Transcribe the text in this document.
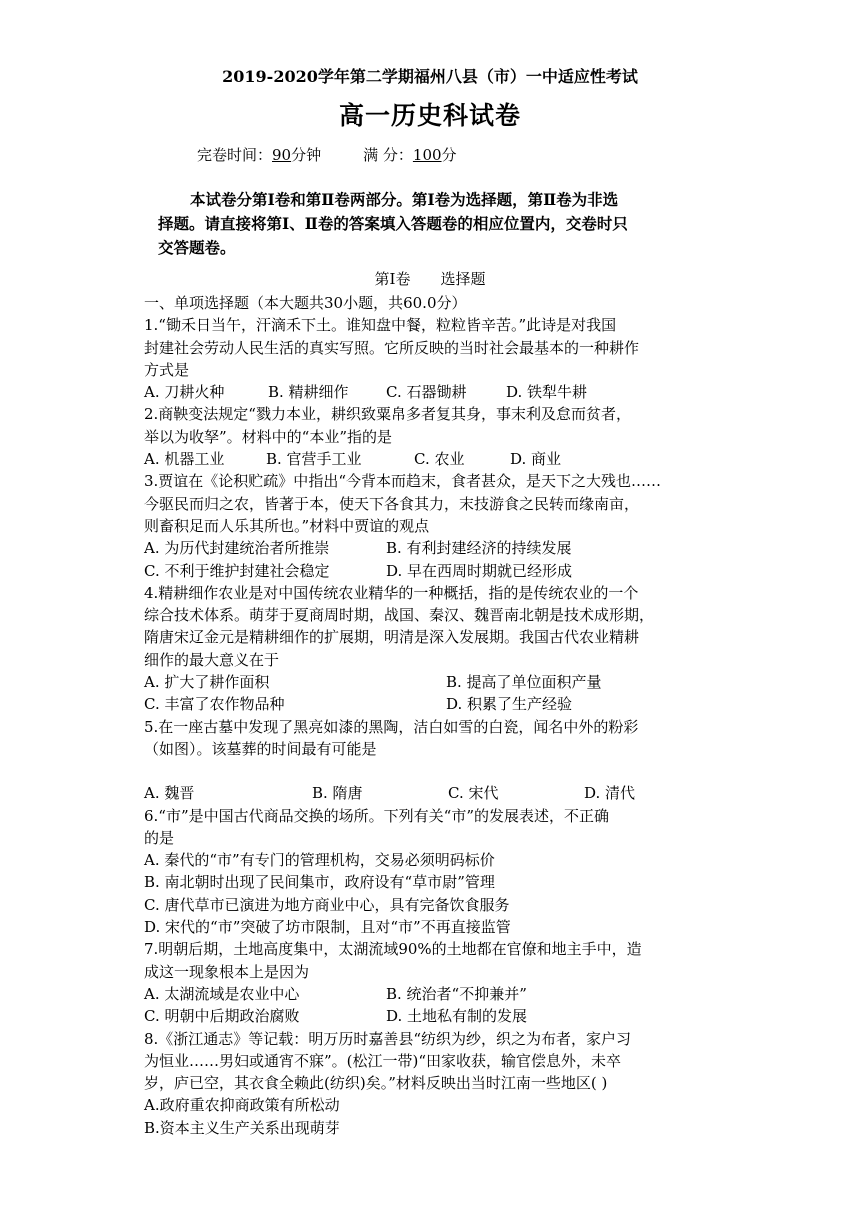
2019-2020学年第二学期福州八县（市）一中适应性考试
高一历史科试卷
完卷时间：90分钟	满 分：100分
本试卷分第Ⅰ卷和第Ⅱ卷两部分。第Ⅰ卷为选择题，第Ⅱ卷为非选
择题。请直接将第Ⅰ、Ⅱ卷的答案填入答题卷的相应位置内，交卷时只
交答题卷。
第Ⅰ卷 选择题

一、单项选择题（本大题共30小题，共60.0分）

1.“锄禾日当午，汗滴禾下土。谁知盘中餐，粒粒皆辛苦。”此诗是对我国

封建社会劳动人民生活的真实写照。它所反映的当时社会最基本的一种耕作

方式是

A. 刀耕火种	B. 精耕细作	C. 石器锄耕	D. 铁犁牛耕

2.商鞅变法规定“戮力本业，耕织致粟帛多者复其身，事末利及怠而贫者，

举以为收孥”。材料中的“本业”指的是

A. 机器工业	B. 官营手工业	C. 农业	D. 商业

3.贾谊在《论积贮疏》中指出“今背本而趋末，食者甚众，是天下之大残也……

今驱民而归之农，皆著于本，使天下各食其力，末技游食之民转而缘南亩，

则畜积足而人乐其所也。”材料中贾谊的观点

A. 为历代封建统治者所推崇	B. 有利封建经济的持续发展
C. 不利于维护封建社会稳定	D. 早在西周时期就已经形成

4.精耕细作农业是对中国传统农业精华的一种概括，指的是传统农业的一个

综合技术体系。萌芽于夏商周时期，战国、秦汉、魏晋南北朝是技术成形期，

隋唐宋辽金元是精耕细作的扩展期，明清是深入发展期。我国古代农业精耕

细作的最大意义在于

A. 扩大了耕作面积	B. 提高了单位面积产量
C. 丰富了农作物品种	D. 积累了生产经验

5.在一座古墓中发现了黑亮如漆的黑陶，洁白如雪的白瓷，闻名中外的粉彩

（如图）。该墓葬的时间最有可能是

A. 魏晋	B. 隋唐	C. 宋代	D. 清代

6.“市”是中国古代商品交换的场所。下列有关“市”的发展表述，不正确

的是

A. 秦代的“市”有专门的管理机构，交易必须明码标价

B. 南北朝时出现了民间集市，政府设有“草市尉”管理

C. 唐代草市已演进为地方商业中心，具有完备饮食服务

D. 宋代的“市”突破了坊市限制，且对“市”不再直接监管

7.明朝后期，土地高度集中，太湖流域90%的土地都在官僚和地主手中，造

成这一现象根本上是因为

A. 太湖流域是农业中心	B. 统治者“不抑兼并”
C. 明朝中后期政治腐败	D. 土地私有制的发展

8.《浙江通志》等记载：明万历时嘉善县“纺织为纱，织之为布者，家户习

为恒业……男妇或通宵不寐”。(松江一带)“田家收获，输官偿息外，未卒

岁，庐已空，其衣食全赖此(纺织)矣。”材料反映出当时江南一些地区( )

A.政府重农抑商政策有所松动

B.资本主义生产关系出现萌芽
